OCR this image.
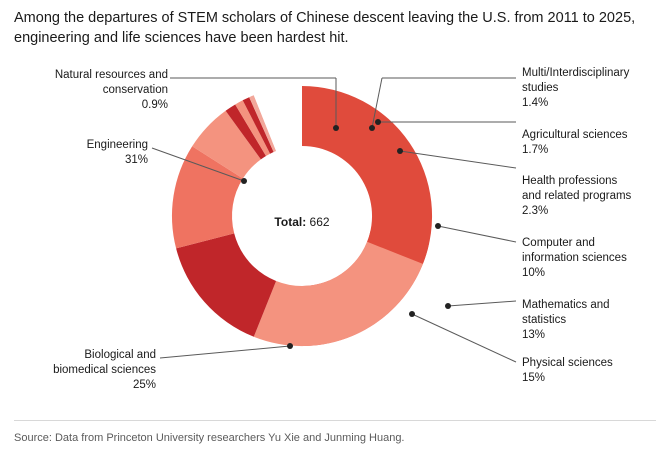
Among the departures of STEM scholars of Chinese descent leaving the U.S. from 2011 to 2025, engineering and life sciences have been hardest hit.
Total: 662
Natural resources and
conservation
0.9%
Engineering
31%
Biological and
biomedical sciences
25%
Multi/Interdisciplinary
studies
1.4%
Agricultural sciences
1.7%
Health professions
and related programs
2.3%
Computer and
information sciences
10%
Mathematics and
statistics
13%
Physical sciences
15%
Source: Data from Princeton University researchers Yu Xie and Junming Huang.
